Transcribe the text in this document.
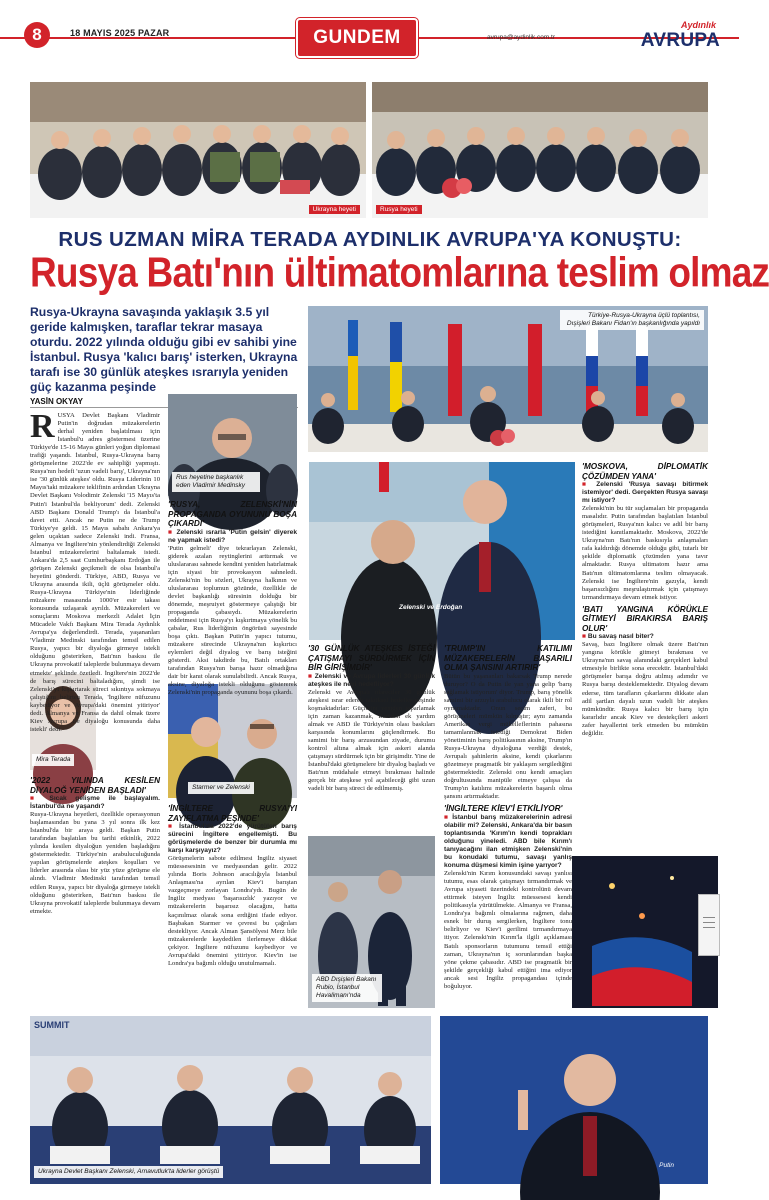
8	18 MAYIS 2025 PAZAR	GUNDEM	avrupa@aydinlik.com.tr
Aydınlık
AVRUPA
Ukrayna heyeti	Rusya heyeti
RUS UZMAN MİRA TERADA AYDINLIK AVRUPA'YA KONUŞTU:
Rusya Batı'nın ültimatomlarına teslim olmaz
Rusya-Ukrayna savaşında yaklaşık 3.5 yıl geride kalmışken, taraflar tekrar masaya oturdu. 2022 yılında olduğu gibi ev sahibi yine İstanbul. Rusya 'kalıcı barış' isterken, Ukrayna tarafı ise 30 günlük ateşkes ısrarıyla yeniden güç kazanma peşinde
YASİN OKYAY
Türkiye-Rusya-Ukrayna üçlü toplantısı, Dışişleri Bakanı Fidan'ın başkanlığında yapıldı
Rus heyetine başkanlık eden Vladimir Medinsky
Mira Terada
Starmer ve Zelenski
Zelenski ve Erdoğan
ABD Dışişleri Bakanı Rubio, İstanbul Havalimanı'nda
SUMMIT
Ukrayna Devlet Başkanı Zelenski, Arnavutluk'ta liderler görüştü
Putin

RUSYA Devlet Başkanı Vladimir Putin'in doğrudan müzakerelerin derhal yeniden başlatılması için İstanbul'u adres göstermesi üzerine Türkiye'de 15-16 Mayıs günleri yoğun diplomasi trafiği yaşandı. İstanbul, Rusya-Ukrayna barış görüşmelerine 2022'de ev sahipliği yapmıştı. Rusya'nın hedefi 'uzun vadeli barış', Ukrayna'nın ise '30 günlük ateşkes' oldu. Rusya Liderinin 10 Mayıs'taki müzakere teklifinin ardından Ukrayna Devlet Başkanı Volodimir Zelenski '15 Mayıs'ta Putin'i İstanbul'da bekliyorum' dedi. Zelenski ABD Başkanı Donald Trump'ı da İstanbul'a davet etti. Ancak ne Putin ne de Trump Türkiye'ye geldi. 15 Mayıs sabahı Ankara'ya gelen uçaktan sadece Zelenski indi. Fransa, Almanya ve İngiltere'nin yönlendirdiği Zelenski İstanbul müzakerelerini baltalamak istedi. Ankara'da 2,5 saat Cumhurbaşkanı Erdoğan ile görüşen Zelenski geçikmeli de olsa İstanbul'a heyetini gönderdi. Türkiye, ABD, Rusya ve Ukrayna arasında ikili, üçlü görüşmeler oldu. Rusya-Ukrayna Türkiye'nin liderliğinde müzakere masasında 1000'er esir takası konusunda uzlaşarak ayrıldı. Müzakereleri ve sonuçlarını Moskova merkezli Adalet İçin Mücadele Vakfı Başkanı Mira Terada Aydınlık Avrupa'ya değerlendirdi. Terada, yaşananları 'Vladimir Medinski tarafından temsil edilen Rusya, yapıcı bir diyaloğa girmeye istekli olduğunu gösterirken, Batı'nın baskısı ile Ukrayna provokatif taleplerde bulunmaya devam etmekte' şeklinde özetledi. İngiltere'nin 2022'de de barış sürecini baltaladığını, şimdi ise Zelenski'yi kışkırtarak süreci sıkıntıya sokmaya çalıştığını belirten Terada, 'İngiltere nüfuzunu kaybediyor ve Avrupa'daki önemini yitiriyor' dedi. Almanya ve Fransa da dahil olmak üzere Kiev Avrupa ise diyaloğu konusunda daha istekli' dedi.

'2022 YILINDA KESİLEN DİYALOĞ YENİDEN BAŞLADI'

■ Sıcak gelişme ile başlayalım. İstanbul'da ne yaşandı?

Rusya-Ukrayna heyetleri, özellikle operasyonun başlamasından bu yana 3 yıl sonra ilk kez İstanbul'da bir araya geldi. Başkan Putin tarafından başlatılan bu tarihi etkinlik, 2022 yılında kesilen diyaloğun yeniden başladığını göstermektedir. Türkiye'nin arabuluculuğunda yapılan görüşmelerde ateşkes koşulları ve liderler arasında olası bir yüz yüze görüşme ele alındı. Vladimir Medinski tarafından temsil edilen Rusya, yapıcı bir diyaloğa girmeye istekli olduğunu gösterirken, Batı'nın baskısı ile Ukrayna provokatif taleplerde bulunmaya devam etmekte.

'RUSYA, ZELENSKİ'NİN PROPAGANDA OYUNUNU BOŞA ÇIKARDI'

■ Zelenski ısrarla 'Putin gelsin' diyerek ne yapmak istedi?

'Putin gelmeli' diye tekrarlayan Zelenski, giderek azalan reytinglerini arttırmak ve uluslararası sahnede kendini yeniden hatırlatmak için siyasi bir provokasyon sahneledi. Zelenski'nin bu sözleri, Ukrayna halkının ve uluslararası toplumun gözünde, özellikle de devlet başkanlığı süresinin dolduğu bir dönemde, meşruiyet göstermeye çalıştığı bir propaganda çabasıydı. Müzakerelerin reddetmesi için Rusya'yı kışkırtmaya yönelik bu çabalar, Rus liderliğinin öngörüsü sayesinde boşa çıktı. Başkan Putin'in yapıcı tutumu, müzakere sürecinde Ukrayna'nın kışkırtıcı eylemleri değil diyalog ve barış isteğini gösterdi. Aksi takdirde bu, Batılı ortakları tarafından Rusya'nın barışa hazır olmadığına dair bir kanıt olarak sunulabilirdi. Ancak Rusya, aksine, diyaloğa istekli olduğunu göstererek Zelenski'nin propaganda oyununu boşa çıkardı.

'İNGİLTERE RUSYA'YI ZAYIFLATMA PEŞİNDE'

■ İstanbul'da 2022'de yürütülen barış sürecini İngiltere engellemişti. Bu görüşmelerde de benzer bir durumla mı karşı karşıyayız?

Görüşmelerin sabote edilmesi İngiliz siyaset müessesesinin ve medyasından gelir. 2022 yılında Boris Johnson aracılığıyla İstanbul Anlaşması'na ayrılan Kiev'i barıştan vazgeçmeye zorlayan Londra'ydı. Bugün de İngiliz medyası 'başarısızlık' yazıyor ve müzakerelerin başarısız olacağını, hatta kaçınılmaz olarak sona erdiğini ifade ediyor. Başbakan Starmer ve çevresi bu çağrıları destekliyor. Ancak Alman Şansölyesi Merz bile müzakerelerde kaydedilen ilerlemeye dikkat çekiyor. İngiltere nüfuzunu kaybediyor ve Avrupa'daki önemini yitiriyor. Kiev'in ise Londra'ya bağımlı olduğu unutulmamalı.

'30 GÜNLÜK ATEŞKES İSTEĞİ ÇATIŞMAYI SÜRDÜRMEK İÇİN BİR GİRİŞİMDİR'

■ Zelenski ve Avrupa liderleri 30 günlük ateşkes ile neyi hedefliyor?

Zelenski ve Avrupalı idareciler 30 günlük ateşkesi ısrar ederek taktiksel hedefler peşinde koşmaktadırlar: Güçlerini yeniden toparlamak için zaman kazanmak, Batı'dan ek yardım almak ve ABD ile Türkiye'nin olası baskıları karşısında konumlarını güçlendirmek. Bu samimi bir barış arzusundan ziyade, durumu kontrol altına almak için askeri alanda çatışmayı sürdürmek için bir girişimdir. Yine de İstanbul'daki görüşmelere bir diyalog başladı ve Batı'nın müdahale etmeyi bırakması halinde gerçek bir ateşkese yol açabileceği gibi uzun vadeli bir barış süreci de edilmemiş.

'TRUMP'IN KATILIMI MÜZAKERELERİN BAŞARILI OLMA ŞANSINI ARTIRIR'

Bütün bu yaşananları bakarsak Trump nerede duruyor? O da Putin ile yan yana gelip 'barış sağlamak istiyorum' diyor. Trump, barış yönelik samimi bir arzuyla arabulucu olarak ikili bir rol oynamaktadır. Onun seçim zaferi, bu görüşmeleri mümkün kılmıştır; aynı zamanda Amerikan vergi mükelleflerinin pahasına tamamlanmak istediği Demokrat Biden yönetiminin barış politikasının aksine, Trump'ın Rusya-Ukrayna diyaloğuna verdiği destek, Avrupalı şahinlerin aksine, kendi çıkarlarını gözetmeye pragmatik bir yaklaşım sergilediğini göstermektedir. Zelenski onu kendi amaçları doğrultusunda manipüle etmeye çalışsa da Trump'ın katılımı müzakerelerin başarılı olma şansını artırmaktadır.

'İNGİLTERE KİEV'İ ETKİLİYOR'

■ İstanbul barış müzakerelerinin adresi olabilir mi? Zelenski, Ankara'da bir basın toplantısında 'Kırım'ın kendi toprakları olduğunu yineledi. ABD bile Kırım'ı tanıyacağını ilan etmişken Zelenski'nin bu konudaki tutumu, savaşı yanlış konuma düşmesi kimin işine yarıyor?

Zelenski'nin Kırım konusundaki savaşı yanlısı tutumu, esas olarak çatışmayı tırmandırmak ve Avrupa siyaseti üzerindeki kontrolünü devam ettirmek isteyen İngiliz müessesesi kendi politikasıyla yürütülmekte. Almanya ve Fransa, Londra'ya bağımlı olmalarına rağmen, daha esnek bir duruş sergilerken, İngiltere tonu belirliyor ve Kiev'i gerilimi tırmandırmaya itiyor. Zelenski'nin Kırım'la ilgili açıklaması Batılı sponsorların tutumunu temsil ettiği zaman, Ukrayna'nın iç sorunlarından başka yöne çekme çabasıdır. ABD ise pragmatik bir şekilde gerçekliği kabul ettiğini ima ediyor ancak sesi İngiliz propagandası içinde boğuluyor.

'MOSKOVA, DİPLOMATİK ÇÖZÜMDEN YANA'

■ Zelenski 'Rusya savaşı bitirmek istemiyor' dedi. Gerçekten Rusya savaşı mı istiyor?

Zelenski'nin bu tür suçlamaları bir propaganda masalıdır. Putin tarafından başlatılan İstanbul görüşmeleri, Rusya'nın kalıcı ve adil bir barış istediğini kanıtlamaktadır. Moskova, 2022'de Ukrayna'nın Batı'nın baskısıyla anlaşmaları rafa kaldırdığı dönemde olduğu gibi, tutarlı bir şekilde diplomatik çözümden yana tavır almaktadır. Rusya ultimatom hazır ama Batı'nın ültimatomlarına teslim olmayacak. Zelenski ise İngiltere'nin gazıyla, kendi başarısızlığını meşrulaştırmak için çatışmayı tırmandırmaya devam etmek istiyor.

'BATI YANGINA KÖRÜKLE GİTMEYİ BIRAKIRSA BARIŞ OLUR'

■ Bu savaş nasıl biter?

Savaş, bazı İngiltere olmak üzere Batı'nın yangına körükle gitmeyi bırakması ve Ukrayna'nın savaş alanındaki gerçekleri kabul etmesiyle birlikte sona erecektir. İstanbul'daki görüşmeler barışa doğru atılmış adımdır ve Rusya barışı desteklemektedir. Diyalog devam ederse, tüm tarafların çıkarlarını dikkate alan adil şartları dayalı uzun vadeli bir ateşkes mümkündür. Rusya kalıcı bir barış için kararlıdır ancak Kiev ve destekçileri askeri zafer hayallerini terk etmeden bu mümkün değildir.
